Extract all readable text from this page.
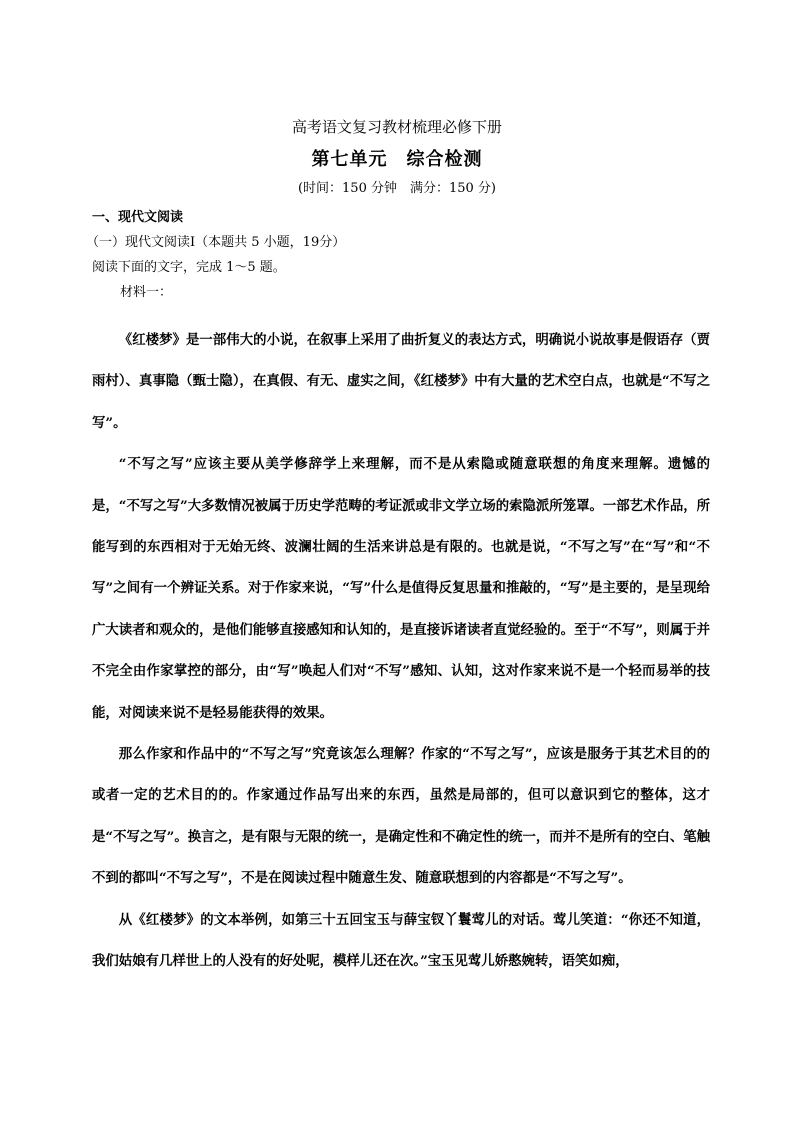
高考语文复习教材梳理必修下册
第七单元　综合检测
(时间：150 分钟　满分：150 分)
一、现代文阅读
（一）现代文阅读Ⅰ（本题共 5 小题，19分）
阅读下面的文字，完成 1～5 题。
材料一：

《红楼梦》是一部伟大的小说，在叙事上采用了曲折复义的表达方式，明确说小说故事是假语存（贾雨村）、真事隐（甄士隐），在真假、有无、虚实之间，《红楼梦》中有大量的艺术空白点，也就是“不写之写”。

“不写之写”应该主要从美学修辞学上来理解，而不是从索隐或随意联想的角度来理解。遗憾的是，“不写之写”大多数情况被属于历史学范畴的考证派或非文学立场的索隐派所笼罩。一部艺术作品，所能写到的东西相对于无始无终、波澜壮阔的生活来讲总是有限的。也就是说，“不写之写”在“写”和“不写”之间有一个辨证关系。对于作家来说，“写”什么是值得反复思量和推敲的，“写”是主要的，是呈现给广大读者和观众的，是他们能够直接感知和认知的，是直接诉诸读者直觉经验的。至于“不写”，则属于并不完全由作家掌控的部分，由“写”唤起人们对“不写”感知、认知，这对作家来说不是一个轻而易举的技能，对阅读来说不是轻易能获得的效果。

那么作家和作品中的“不写之写”究竟该怎么理解？作家的“不写之写”，应该是服务于其艺术目的的或者一定的艺术目的的。作家通过作品写出来的东西，虽然是局部的，但可以意识到它的整体，这才是“不写之写”。换言之，是有限与无限的统一，是确定性和不确定性的统一，而并不是所有的空白、笔触不到的都叫“不写之写”，不是在阅读过程中随意生发、随意联想到的内容都是“不写之写”。

从《红楼梦》的文本举例，如第三十五回宝玉与薛宝钗丫鬟莺儿的对话。莺儿笑道：“你还不知道，我们姑娘有几样世上的人没有的好处呢，模样儿还在次。”宝玉见莺儿娇憨婉转，语笑如痴，
